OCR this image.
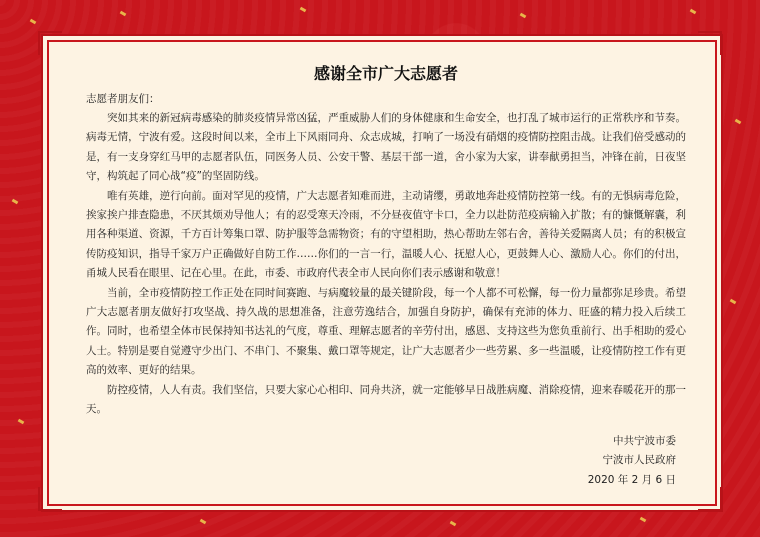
感谢全市广大志愿者
志愿者朋友们：

突如其来的新冠病毒感染的肺炎疫情异常凶猛，严重威胁人们的身体健康和生命安全，也打乱了城市运行的正常秩序和节奏。病毒无情，宁波有爱。这段时间以来，全市上下风雨同舟、众志成城，打响了一场没有硝烟的疫情防控阻击战。让我们倍受感动的是，有一支身穿红马甲的志愿者队伍，同医务人员、公安干警、基层干部一道，舍小家为大家，讲奉献勇担当，冲锋在前，日夜坚守，构筑起了同心战“疫”的坚固防线。

唯有英雄，逆行向前。面对罕见的疫情，广大志愿者知难而进，主动请缨，勇敢地奔赴疫情防控第一线。有的无惧病毒危险，挨家挨户排查隐患，不厌其烦劝导他人；有的忍受寒天冷雨，不分昼夜值守卡口，全力以赴防范疫病输入扩散；有的慷慨解囊，利用各种渠道、资源，千方百计筹集口罩、防护服等急需物资；有的守望相助，热心帮助左邻右舍，善待关爱隔离人员；有的积极宣传防疫知识，指导千家万户正确做好自防工作……你们的一言一行，温暖人心、抚慰人心，更鼓舞人心、激励人心。你们的付出，甬城人民看在眼里、记在心里。在此，市委、市政府代表全市人民向你们表示感谢和敬意！

当前，全市疫情防控工作正处在同时间赛跑、与病魔较量的最关键阶段，每一个人都不可松懈，每一份力量都弥足珍贵。希望广大志愿者朋友做好打攻坚战、持久战的思想准备，注意劳逸结合，加强自身防护，确保有充沛的体力、旺盛的精力投入后续工作。同时，也希望全体市民保持知书达礼的气度，尊重、理解志愿者的辛劳付出，感恩、支持这些为您负重前行、出手相助的爱心人士。特别是要自觉遵守少出门、不串门、不聚集、戴口罩等规定，让广大志愿者少一些劳累、多一些温暖，让疫情防控工作有更高的效率、更好的结果。

防控疫情，人人有责。我们坚信，只要大家心心相印、同舟共济，就一定能够早日战胜病魔、消除疫情，迎来春暖花开的那一天。

中共宁波市委
宁波市人民政府
2020 年 2 月 6 日
